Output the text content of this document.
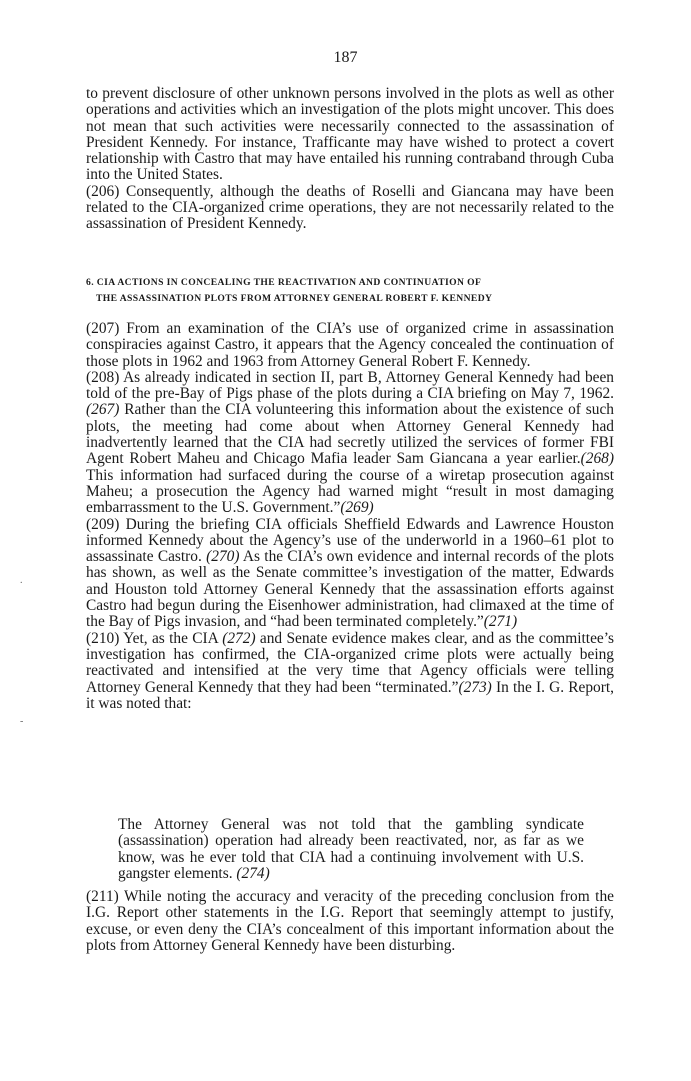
187

to prevent disclosure of other unknown persons involved in the plots as well as other operations and activities which an investigation of the plots might uncover. This does not mean that such activities were necessarily connected to the assassination of President Kennedy. For instance, Trafficante may have wished to protect a covert relationship with Castro that may have entailed his running contraband through Cuba into the United States.

(206) Consequently, although the deaths of Roselli and Giancana may have been related to the CIA-organized crime operations, they are not necessarily related to the assassination of President Kennedy.

6. CIA ACTIONS IN CONCEALING THE REACTIVATION AND CONTINUATION OF
THE ASSASSINATION PLOTS FROM ATTORNEY GENERAL ROBERT F. KENNEDY

(207) From an examination of the CIA’s use of organized crime in assassination conspiracies against Castro, it appears that the Agency concealed the continuation of those plots in 1962 and 1963 from Attorney General Robert F. Kennedy.

(208) As already indicated in section II, part B, Attorney General Kennedy had been told of the pre-Bay of Pigs phase of the plots during a CIA briefing on May 7, 1962.(267) Rather than the CIA volunteering this information about the existence of such plots, the meeting had come about when Attorney General Kennedy had inadvertently learned that the CIA had secretly utilized the services of former FBI Agent Robert Maheu and Chicago Mafia leader Sam Giancana a year earlier.(268) This information had surfaced during the course of a wiretap prosecution against Maheu; a prosecution the Agency had warned might “result in most damaging embarrassment to the U.S. Government.”(269)

(209) During the briefing CIA officials Sheffield Edwards and Lawrence Houston informed Kennedy about the Agency’s use of the underworld in a 1960–61 plot to assassinate Castro. (270) As the CIA’s own evidence and internal records of the plots has shown, as well as the Senate committee’s investigation of the matter, Edwards and Houston told Attorney General Kennedy that the assassination efforts against Castro had begun during the Eisenhower administration, had climaxed at the time of the Bay of Pigs invasion, and “had been terminated completely.”(271)

(210) Yet, as the CIA (272) and Senate evidence makes clear, and as the committee’s investigation has confirmed, the CIA-organized crime plots were actually being reactivated and intensified at the very time that Agency officials were telling Attorney General Kennedy that they had been “terminated.”(273) In the I. G. Report, it was noted that:

The Attorney General was not told that the gambling syndicate (assassination) operation had already been reactivated, nor, as far as we know, was he ever told that CIA had a continuing involvement with U.S. gangster elements. (274)

(211) While noting the accuracy and veracity of the preceding conclusion from the I.G. Report other statements in the I.G. Report that seemingly attempt to justify, excuse, or even deny the CIA’s concealment of this important information about the plots from Attorney General Kennedy have been disturbing.

.
-
